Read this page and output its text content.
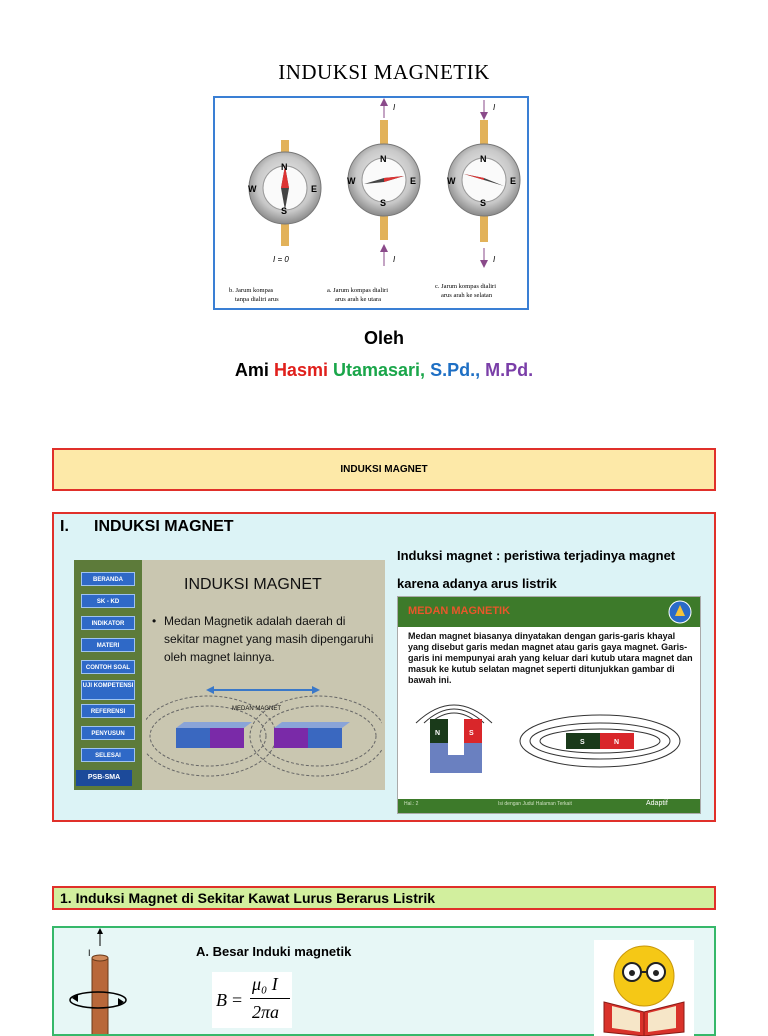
INDUKSI MAGNETIK
N
S
W	E
I = 0
N
S
W	E
I
I
N
S
W	E
I
I
b. Jarum kompas
tanpa dialiri arus
a. Jarum kompas dialiri
arus arah ke utara
c. Jarum kompas dialiri
arus arah ke selatan
Oleh
Ami Hasmi Utamasari, S.Pd., M.Pd.
INDUKSI MAGNET
I. INDUKSI MAGNET
Induksi magnet : peristiwa terjadinya magnet karena adanya arus listrik
BERANDA
SK - KD
INDIKATOR
MATERI
CONTOH SOAL
UJI KOMPETENSI
REFERENSI
PENYUSUN
SELESAI
PSB-SMA
INDUKSI MAGNET
• Medan Magnetik adalah daerah di sekitar magnet yang masih dipengaruhi oleh magnet lainnya.
MEDAN MAGNET
MEDAN MAGNETIK
Medan magnet biasanya dinyatakan dengan garis-garis khayal yang disebut garis medan magnet atau garis gaya magnet. Garis-garis ini mempunyai arah yang keluar dari kutub utara magnet dan masuk ke kutub selatan magnet seperti ditunjukkan gambar di bawah ini.
N	S
S	N
Hal.: 2	Isi dengan Judul Halaman Terkait	Adaptif
1. Induksi Magnet di Sekitar Kawat Lurus Berarus Listrik
I	A. Besar Induki magnetik
B =
μ₀ I
2πa
